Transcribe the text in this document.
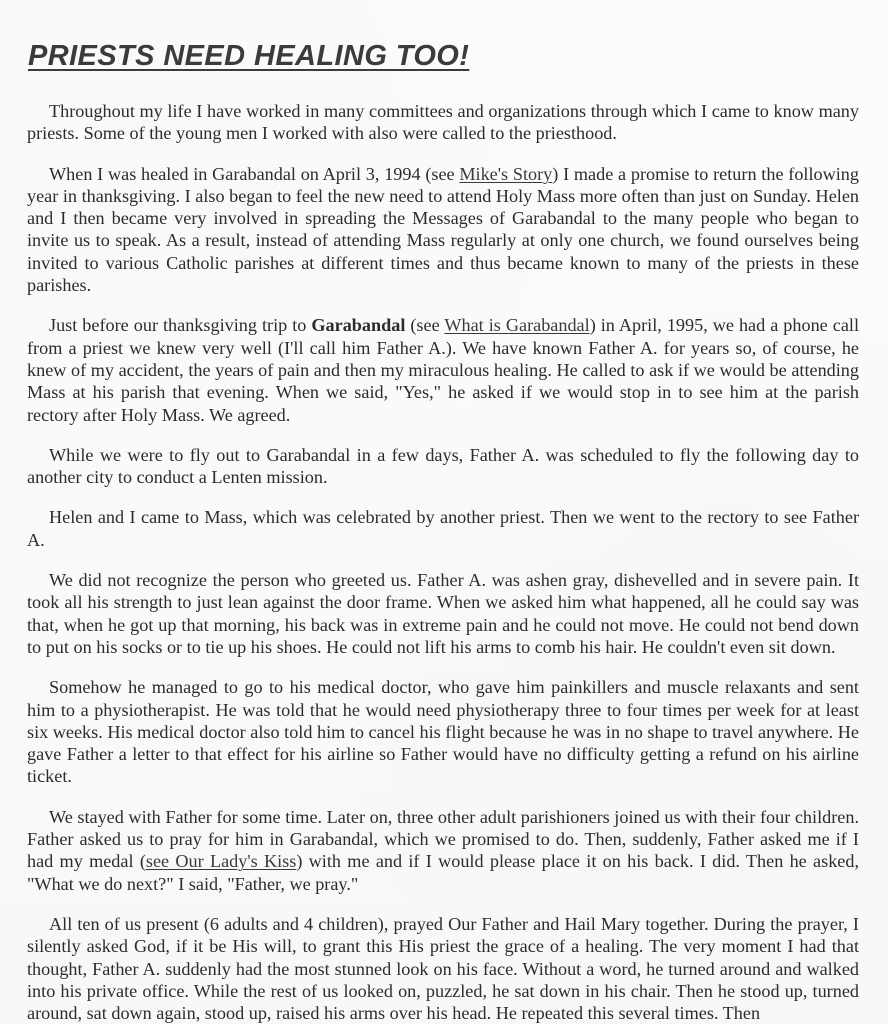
PRIESTS NEED HEALING TOO!

Throughout my life I have worked in many committees and organizations through which I came to know many priests. Some of the young men I worked with also were called to the priesthood.

When I was healed in Garabandal on April 3, 1994 (see Mike's Story) I made a promise to return the following year in thanksgiving. I also began to feel the new need to attend Holy Mass more often than just on Sunday. Helen and I then became very involved in spreading the Messages of Garabandal to the many people who began to invite us to speak. As a result, instead of attending Mass regularly at only one church, we found ourselves being invited to various Catholic parishes at different times and thus became known to many of the priests in these parishes.

Just before our thanksgiving trip to Garabandal (see What is Garabandal) in April, 1995, we had a phone call from a priest we knew very well (I'll call him Father A.). We have known Father A. for years so, of course, he knew of my accident, the years of pain and then my miraculous healing. He called to ask if we would be attending Mass at his parish that evening. When we said, "Yes," he asked if we would stop in to see him at the parish rectory after Holy Mass. We agreed.

While we were to fly out to Garabandal in a few days, Father A. was scheduled to fly the following day to another city to conduct a Lenten mission.

Helen and I came to Mass, which was celebrated by another priest. Then we went to the rectory to see Father A.

We did not recognize the person who greeted us. Father A. was ashen gray, dishevelled and in severe pain. It took all his strength to just lean against the door frame. When we asked him what happened, all he could say was that, when he got up that morning, his back was in extreme pain and he could not move. He could not bend down to put on his socks or to tie up his shoes. He could not lift his arms to comb his hair. He couldn't even sit down.

Somehow he managed to go to his medical doctor, who gave him painkillers and muscle relaxants and sent him to a physiotherapist. He was told that he would need physiotherapy three to four times per week for at least six weeks. His medical doctor also told him to cancel his flight because he was in no shape to travel anywhere. He gave Father a letter to that effect for his airline so Father would have no difficulty getting a refund on his airline ticket.

We stayed with Father for some time. Later on, three other adult parishioners joined us with their four children. Father asked us to pray for him in Garabandal, which we promised to do. Then, suddenly, Father asked me if I had my medal (see Our Lady's Kiss) with me and if I would please place it on his back. I did. Then he asked, "What we do next?" I said, "Father, we pray."

All ten of us present (6 adults and 4 children), prayed Our Father and Hail Mary together. During the prayer, I silently asked God, if it be His will, to grant this His priest the grace of a healing. The very moment I had that thought, Father A. suddenly had the most stunned look on his face. Without a word, he turned around and walked into his private office. While the rest of us looked on, puzzled, he sat down in his chair. Then he stood up, turned around, sat down again, stood up, raised his arms over his head. He repeated this several times. Then
